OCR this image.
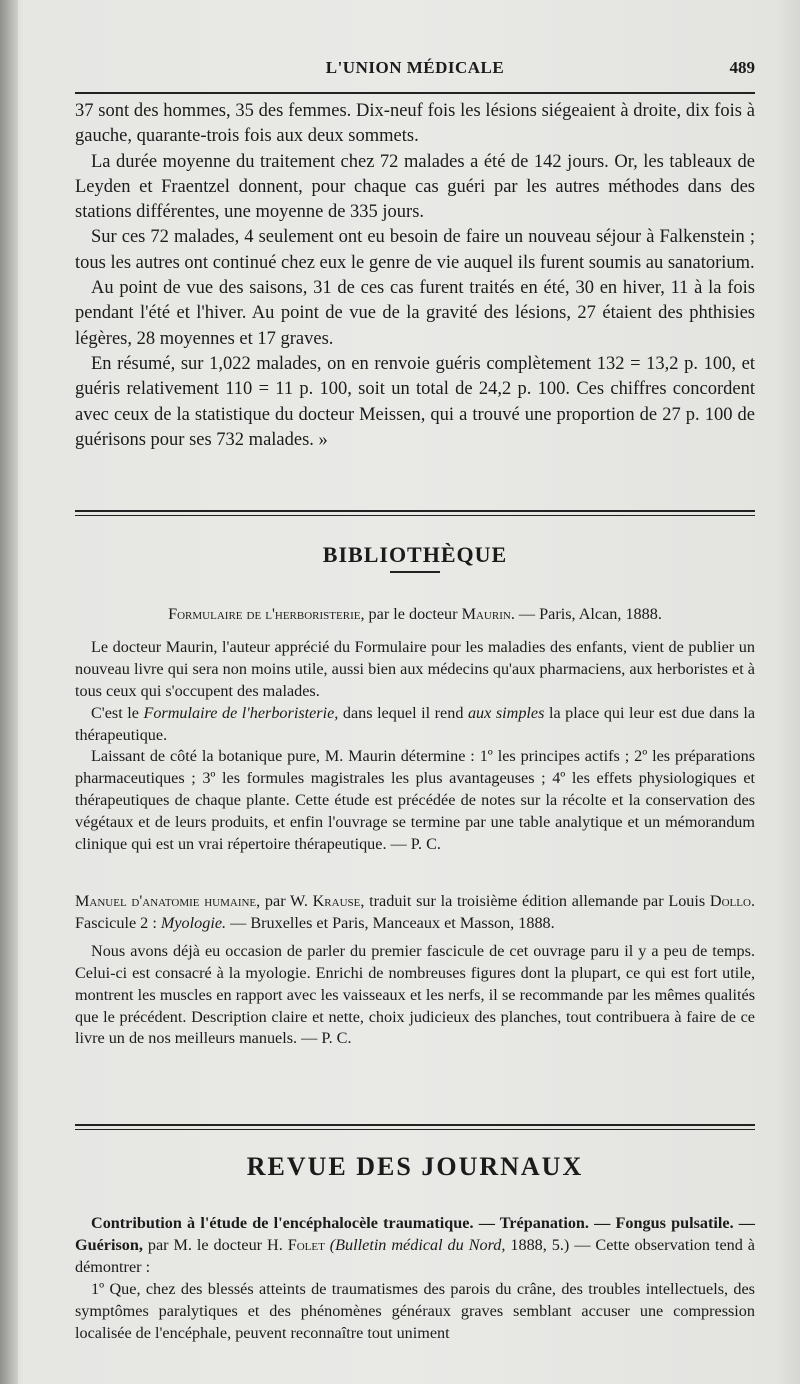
L'UNION MÉDICALE	489

37 sont des hommes, 35 des femmes. Dix-neuf fois les lésions siégeaient à droite, dix fois à gauche, quarante-trois fois aux deux sommets.

La durée moyenne du traitement chez 72 malades a été de 142 jours. Or, les tableaux de Leyden et Fraentzel donnent, pour chaque cas guéri par les autres méthodes dans des stations différentes, une moyenne de 335 jours.

Sur ces 72 malades, 4 seulement ont eu besoin de faire un nouveau séjour à Falkenstein ; tous les autres ont continué chez eux le genre de vie auquel ils furent soumis au sanatorium.

Au point de vue des saisons, 31 de ces cas furent traités en été, 30 en hiver, 11 à la fois pendant l'été et l'hiver. Au point de vue de la gravité des lésions, 27 étaient des phthisies légères, 28 moyennes et 17 graves.

En résumé, sur 1,022 malades, on en renvoie guéris complètement 132 = 13,2 p. 100, et guéris relativement 110 = 11 p. 100, soit un total de 24,2 p. 100. Ces chiffres concordent avec ceux de la statistique du docteur Meissen, qui a trouvé une proportion de 27 p. 100 de guérisons pour ses 732 malades. »

BIBLIOTHÈQUE

Formulaire de l'herboristerie, par le docteur Maurin. — Paris, Alcan, 1888.

Le docteur Maurin, l'auteur apprécié du Formulaire pour les maladies des enfants, vient de publier un nouveau livre qui sera non moins utile, aussi bien aux médecins qu'aux pharmaciens, aux herboristes et à tous ceux qui s'occupent des malades.

C'est le Formulaire de l'herboristerie, dans lequel il rend aux simples la place qui leur est due dans la thérapeutique.

Laissant de côté la botanique pure, M. Maurin détermine : 1º les principes actifs ; 2º les préparations pharmaceutiques ; 3º les formules magistrales les plus avantageuses ; 4º les effets physiologiques et thérapeutiques de chaque plante. Cette étude est précédée de notes sur la récolte et la conservation des végétaux et de leurs produits, et enfin l'ouvrage se termine par une table analytique et un mémorandum clinique qui est un vrai répertoire thérapeutique. — P. C.

Manuel d'anatomie humaine, par W. Krause, traduit sur la troisième édition allemande par Louis Dollo. Fascicule 2 : Myologie. — Bruxelles et Paris, Manceaux et Masson, 1888.

Nous avons déjà eu occasion de parler du premier fascicule de cet ouvrage paru il y a peu de temps. Celui-ci est consacré à la myologie. Enrichi de nombreuses figures dont la plupart, ce qui est fort utile, montrent les muscles en rapport avec les vaisseaux et les nerfs, il se recommande par les mêmes qualités que le précédent. Description claire et nette, choix judicieux des planches, tout contribuera à faire de ce livre un de nos meilleurs manuels. — P. C.

REVUE DES JOURNAUX

Contribution à l'étude de l'encéphalocèle traumatique. — Trépanation. — Fongus pulsatile. — Guérison, par M. le docteur H. Folet (Bulletin médical du Nord, 1888, 5.) — Cette observation tend à démontrer :

1º Que, chez des blessés atteints de traumatismes des parois du crâne, des troubles intellectuels, des symptômes paralytiques et des phénomènes généraux graves semblant accuser une compression localisée de l'encéphale, peuvent reconnaître tout uniment
